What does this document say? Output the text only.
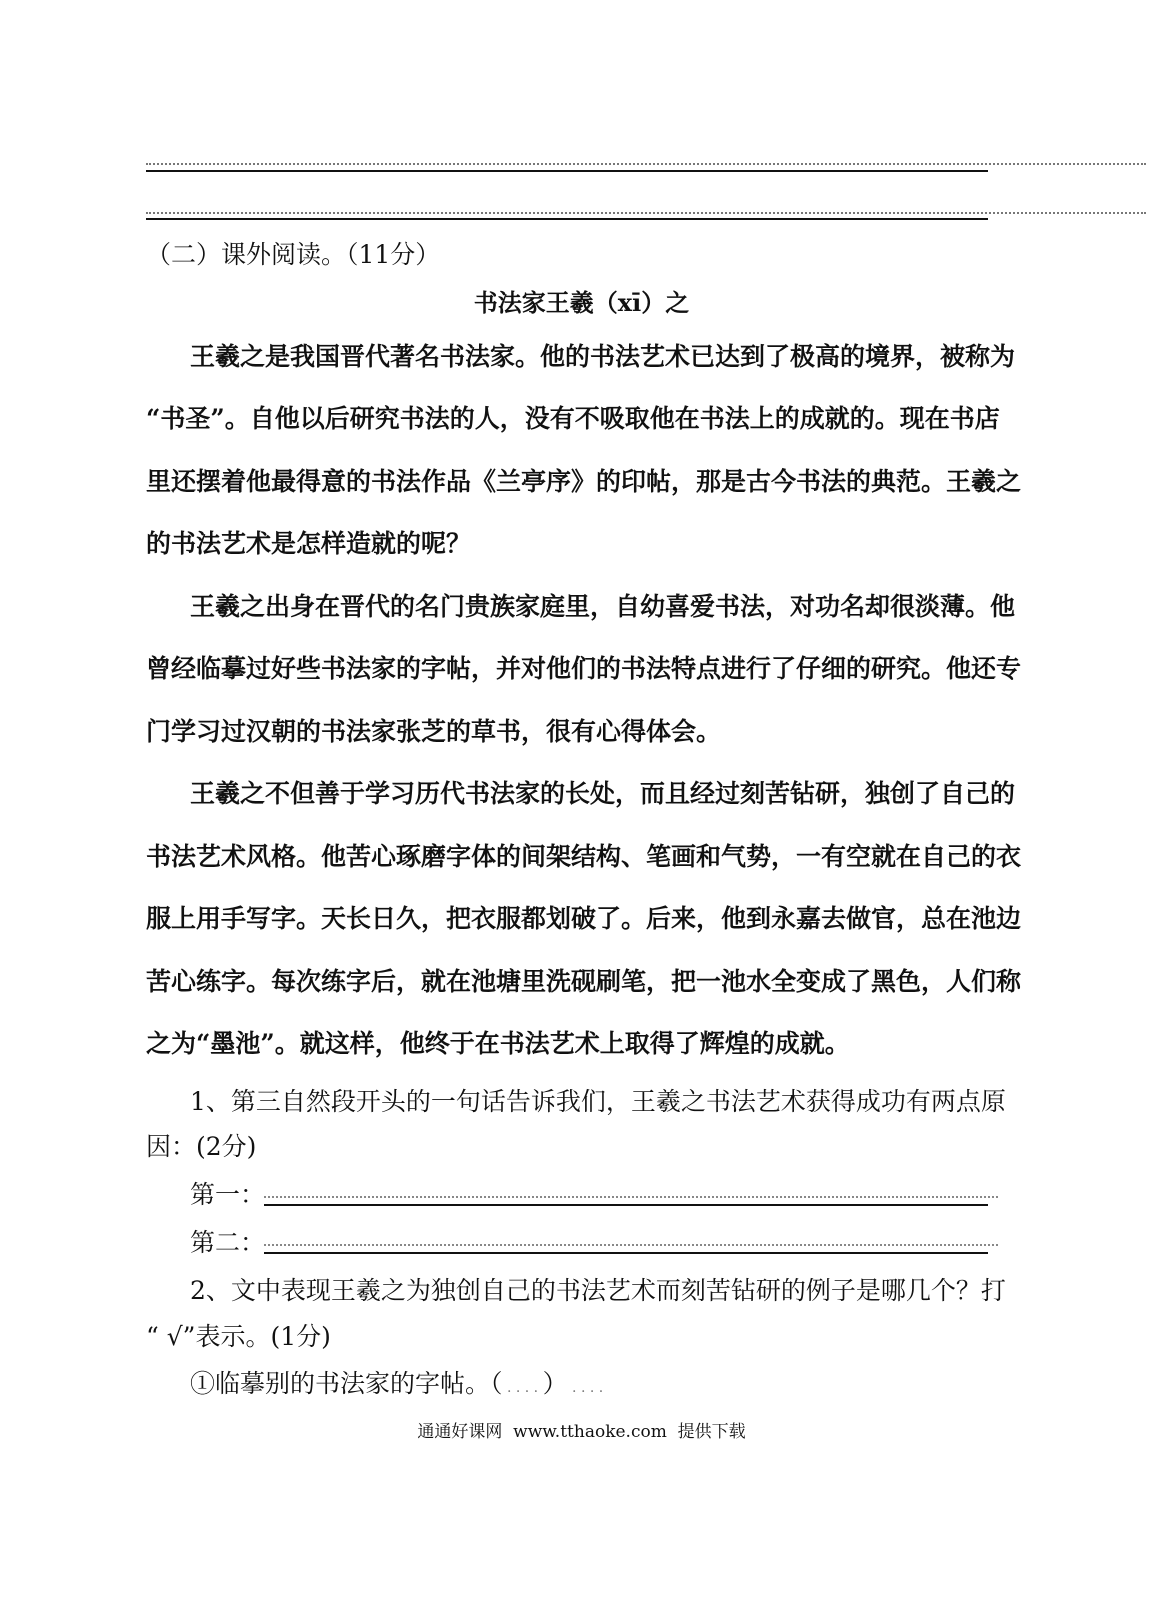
（二）课外阅读。（11分）
书法家王羲（xī）之
王羲之是我国晋代著名书法家。他的书法艺术已达到了极高的境界，被称为
“书圣”。自他以后研究书法的人，没有不吸取他在书法上的成就的。现在书店
里还摆着他最得意的书法作品《兰亭序》的印帖，那是古今书法的典范。王羲之
的书法艺术是怎样造就的呢？
王羲之出身在晋代的名门贵族家庭里，自幼喜爱书法，对功名却很淡薄。他
曾经临摹过好些书法家的字帖，并对他们的书法特点进行了仔细的研究。他还专
门学习过汉朝的书法家张芝的草书，很有心得体会。
王羲之不但善于学习历代书法家的长处，而且经过刻苦钻研，独创了自己的
书法艺术风格。他苦心琢磨字体的间架结构、笔画和气势，一有空就在自己的衣
服上用手写字。天长日久，把衣服都划破了。后来，他到永嘉去做官，总在池边
苦心练字。每次练字后，就在池塘里洗砚刷笔，把一池水全变成了黑色，人们称
之为“墨池”。就这样，他终于在书法艺术上取得了辉煌的成就。
1、第三自然段开头的一句话告诉我们，王羲之书法艺术获得成功有两点原
因：(2分)
第一：
第二：
2、文中表现王羲之为独创自己的书法艺术而刻苦钻研的例子是哪几个？打
“ √”表示。(1分)
①临摹别的书法家的字帖。（ . . . . ） . . . .
通通好课网  www.tthaoke.com  提供下载
